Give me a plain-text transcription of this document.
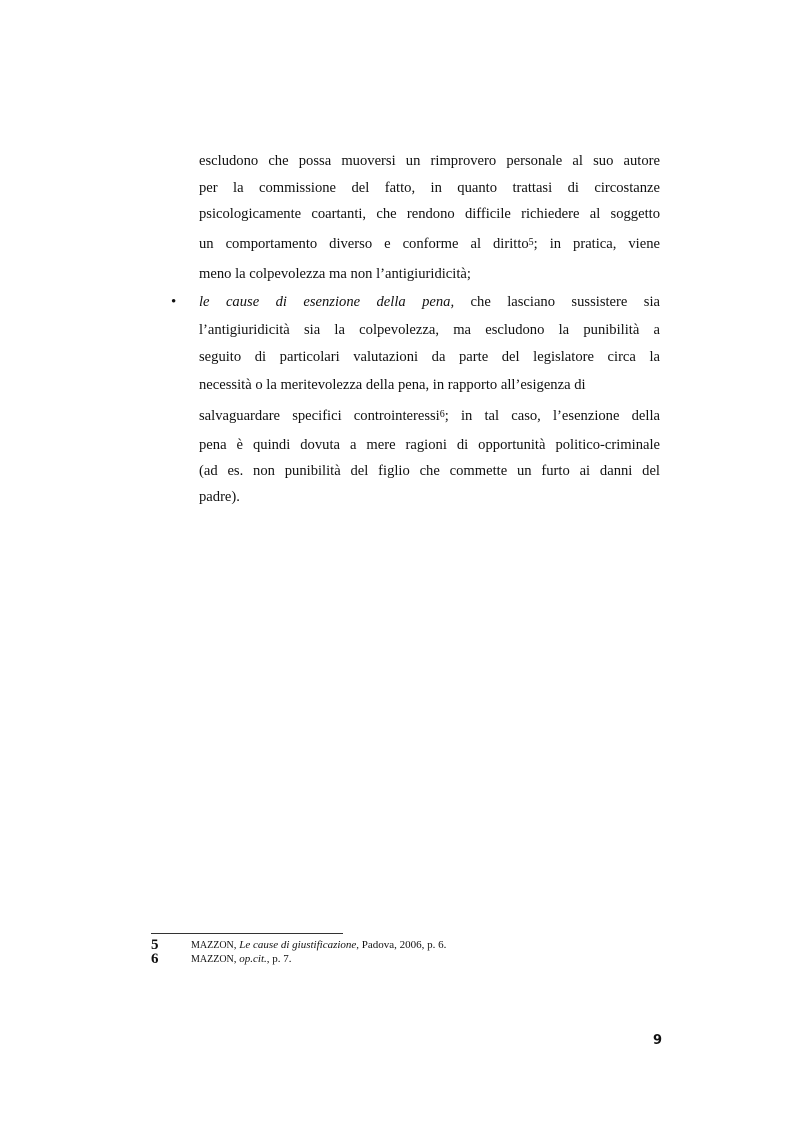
escludono che possa muoversi un rimprovero personale al suo autore
per la commissione del fatto, in quanto trattasi di circostanze
psicologicamente coartanti, che rendono difficile richiedere al soggetto
un comportamento diverso e conforme al diritto$^5$; in pratica, viene
meno la colpevolezza ma non l’antigiuridicità;
le cause di esenzione della pena, che lasciano sussistere sia
l’antigiuridicità sia la colpevolezza, ma escludono la punibilità a
seguito di particolari valutazioni da parte del legislatore circa la
necessità o la meritevolezza della pena, in rapporto all’esigenza di
salvaguardare specifici controinteressi$^6$; in tal caso, l’esenzione della
pena è quindi dovuta a mere ragioni di opportunità politico-criminale
(ad es. non punibilità del figlio che commette un furto ai danni del
padre).
•
5	MAZZON, Le cause di giustificazione, Padova, 2006, p. 6.
6	MAZZON, op.cit., p. 7.
9
